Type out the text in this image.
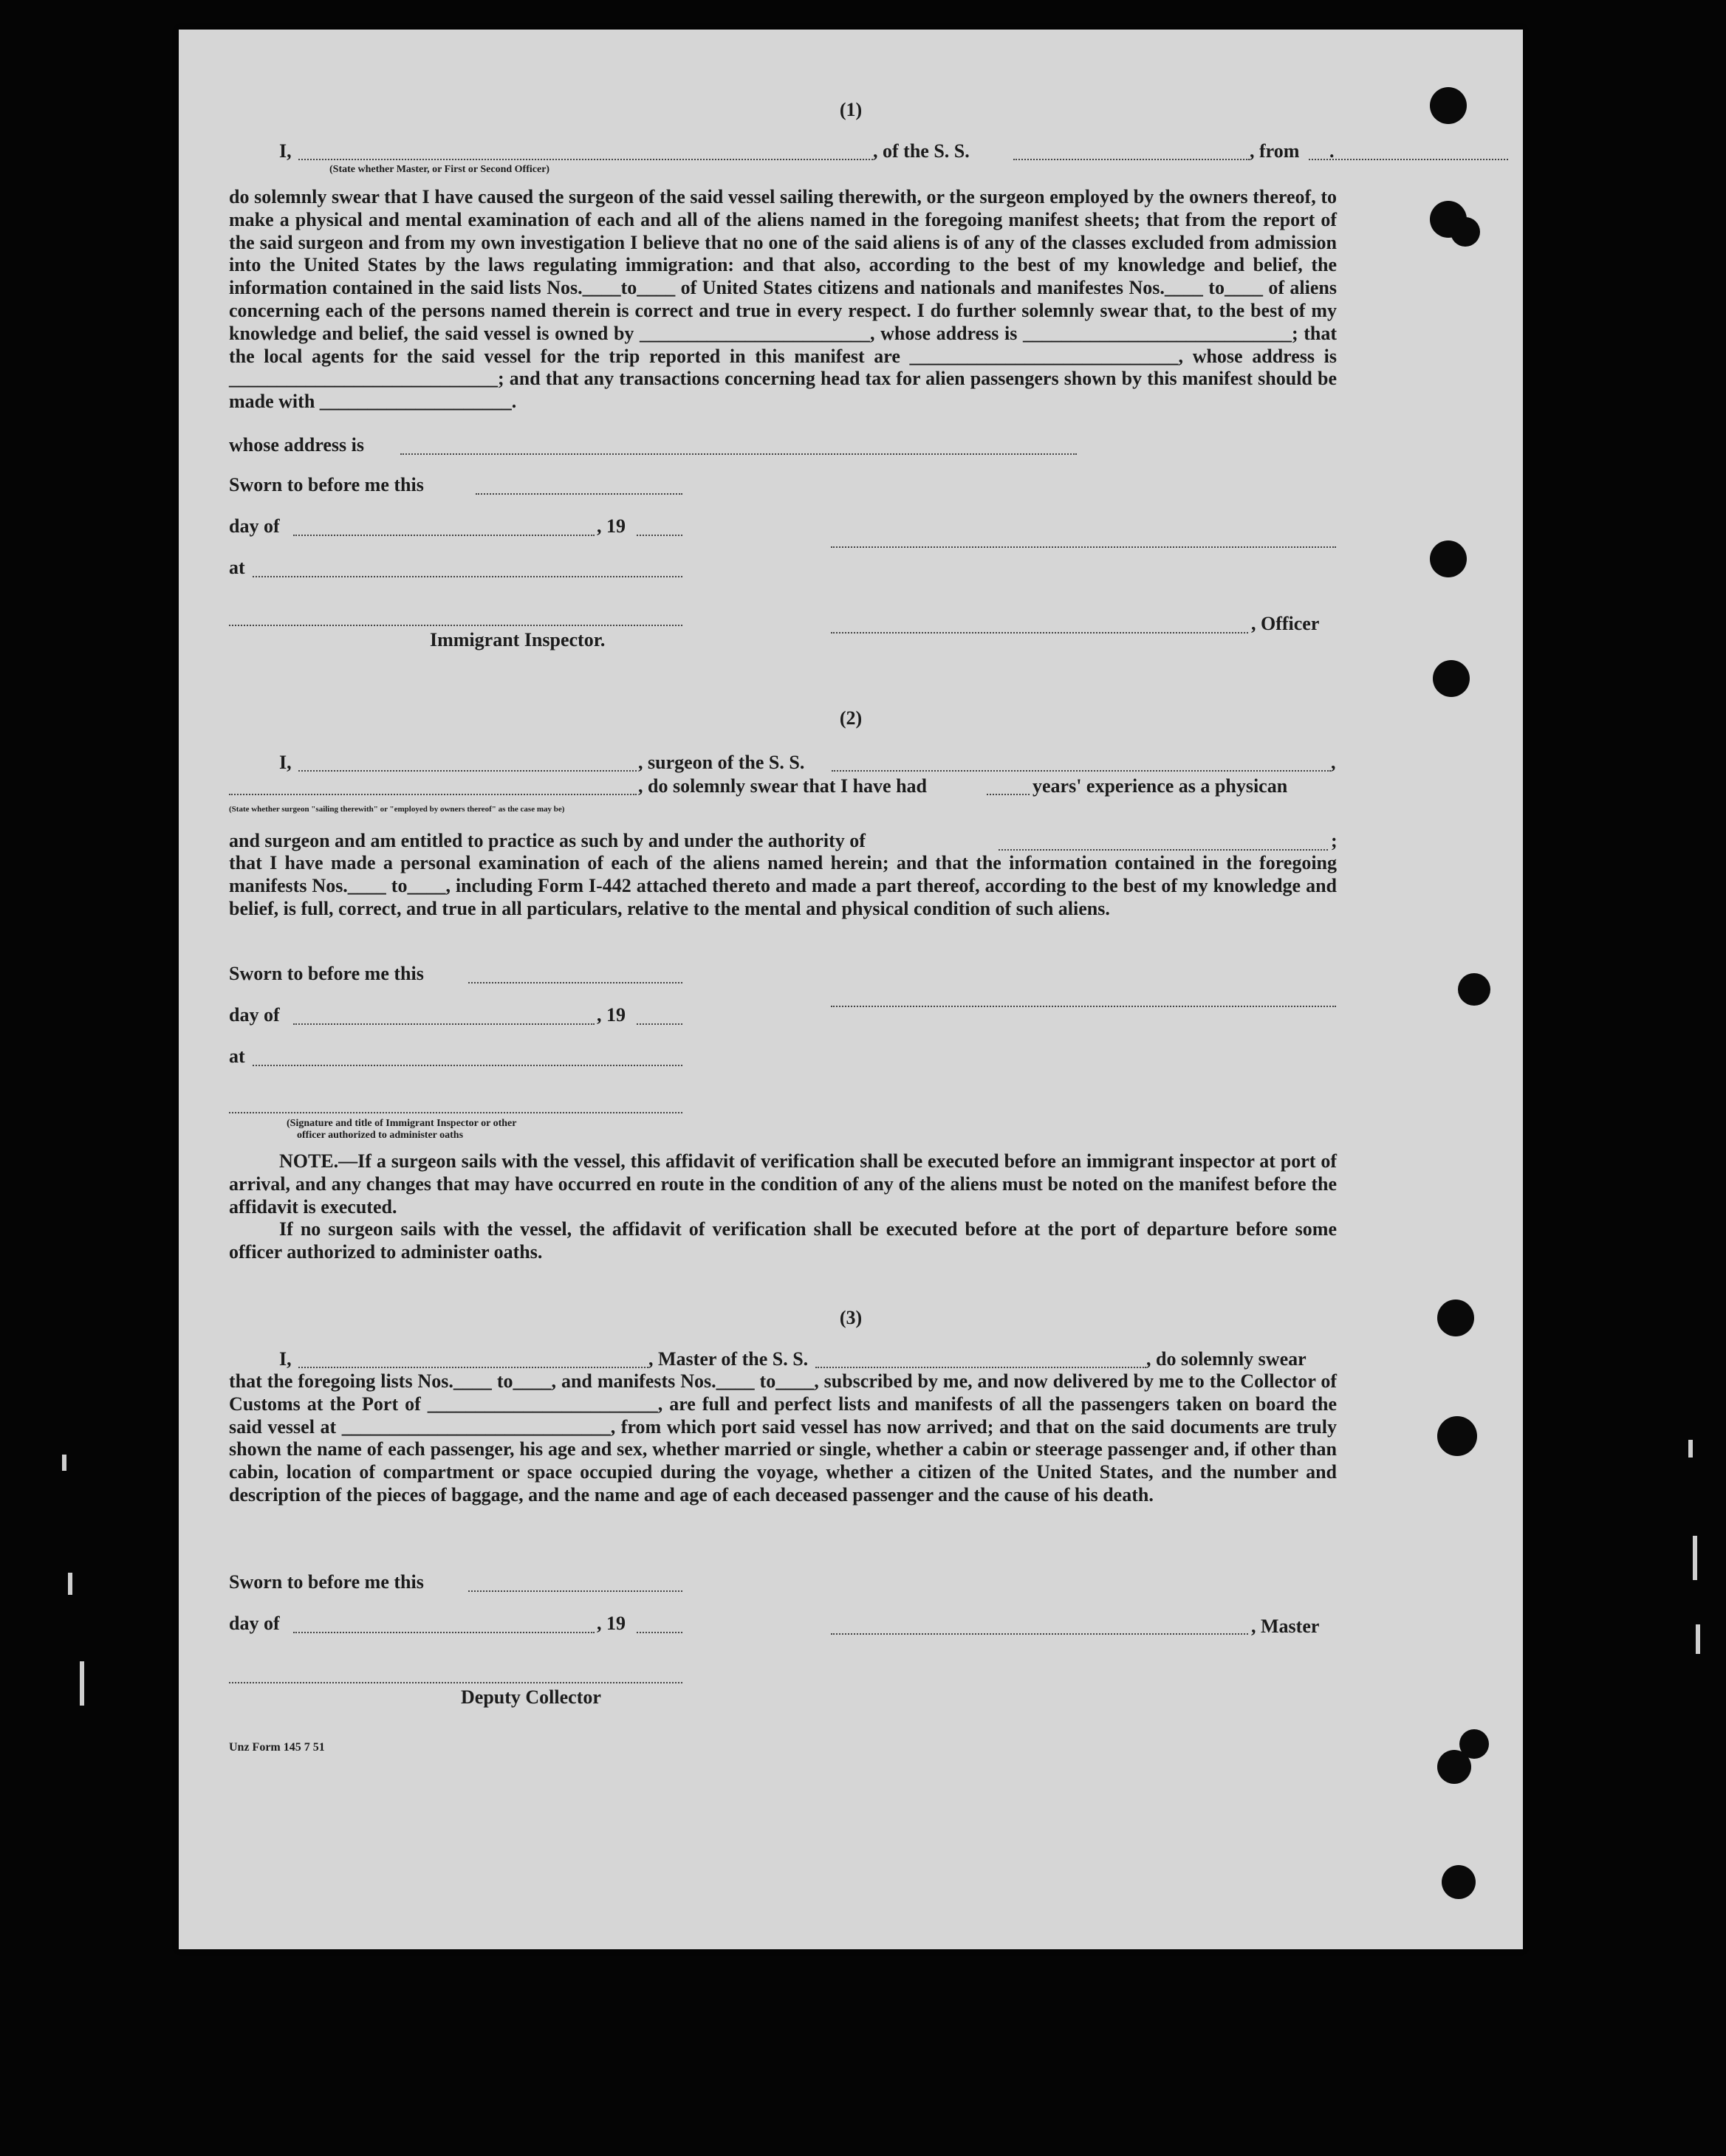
(1)
I,	, of the S. S.	, from .
(State whether Master, or First or Second Officer)
do solemnly swear that I have caused the surgeon of the said vessel sailing therewith, or the surgeon employed by the owners thereof, to make a physical and mental examination of each and all of the aliens named in the foregoing manifest sheets; that from the report of the said surgeon and from my own investigation I believe that no one of the said aliens is of any of the classes excluded from admission into the United States by the laws regulating immigration: and that also, according to the best of my knowledge and belief, the information contained in the said lists Nos.____to____ of United States citizens and nationals and manifestes Nos.____ to____ of aliens concerning each of the persons named therein is correct and true in every respect. I do further solemnly swear that, to the best of my knowledge and belief, the said vessel is owned by ________________________, whose address is ____________________________; that the local agents for the said vessel for the trip reported in this manifest are ____________________________, whose address is ____________________________; and that any transactions concerning head tax for alien passengers shown by this manifest should be made with ____________________.
whose address is
Sworn to before me this
day of	, 19
at
, Officer
Immigrant Inspector.
(2)
I,	, surgeon of the S. S.	,
, do solemnly swear that I have had	years' experience as a physican
(State whether surgeon "sailing therewith" or "employed by owners thereof" as the case may be)
and surgeon and am entitled to practice as such by and under the authority of	;
that I have made a personal examination of each of the aliens named herein; and that the information contained in the foregoing manifests Nos.____ to____, including Form I-442 attached thereto and made a part thereof, according to the best of my knowledge and belief, is full, correct, and true in all particulars, relative to the mental and physical condition of such aliens.
Sworn to before me this
day of	, 19
at
(Signature and title of Immigrant Inspector or other
officer authorized to administer oaths
NOTE.—If a surgeon sails with the vessel, this affidavit of verification shall be executed before an immigrant inspector at port of arrival, and any changes that may have occurred en route in the condition of any of the aliens must be noted on the manifest before the affidavit is executed.
If no surgeon sails with the vessel, the affidavit of verification shall be executed before at the port of departure before some officer authorized to administer oaths.
(3)
I,	, Master of the S. S.	, do solemnly swear
that the foregoing lists Nos.____ to____, and manifests Nos.____ to____, subscribed by me, and now delivered by me to the Collector of Customs at the Port of ________________________, are full and perfect lists and manifests of all the passengers taken on board the said vessel at ____________________________, from which port said vessel has now arrived; and that on the said documents are truly shown the name of each passenger, his age and sex, whether married or single, whether a cabin or steerage passenger and, if other than cabin, location of compartment or space occupied during the voyage, whether a citizen of the United States, and the number and description of the pieces of baggage, and the name and age of each deceased passenger and the cause of his death.
Sworn to before me this
day of	, 19	, Master
Deputy Collector
Unz Form 145 7 51
